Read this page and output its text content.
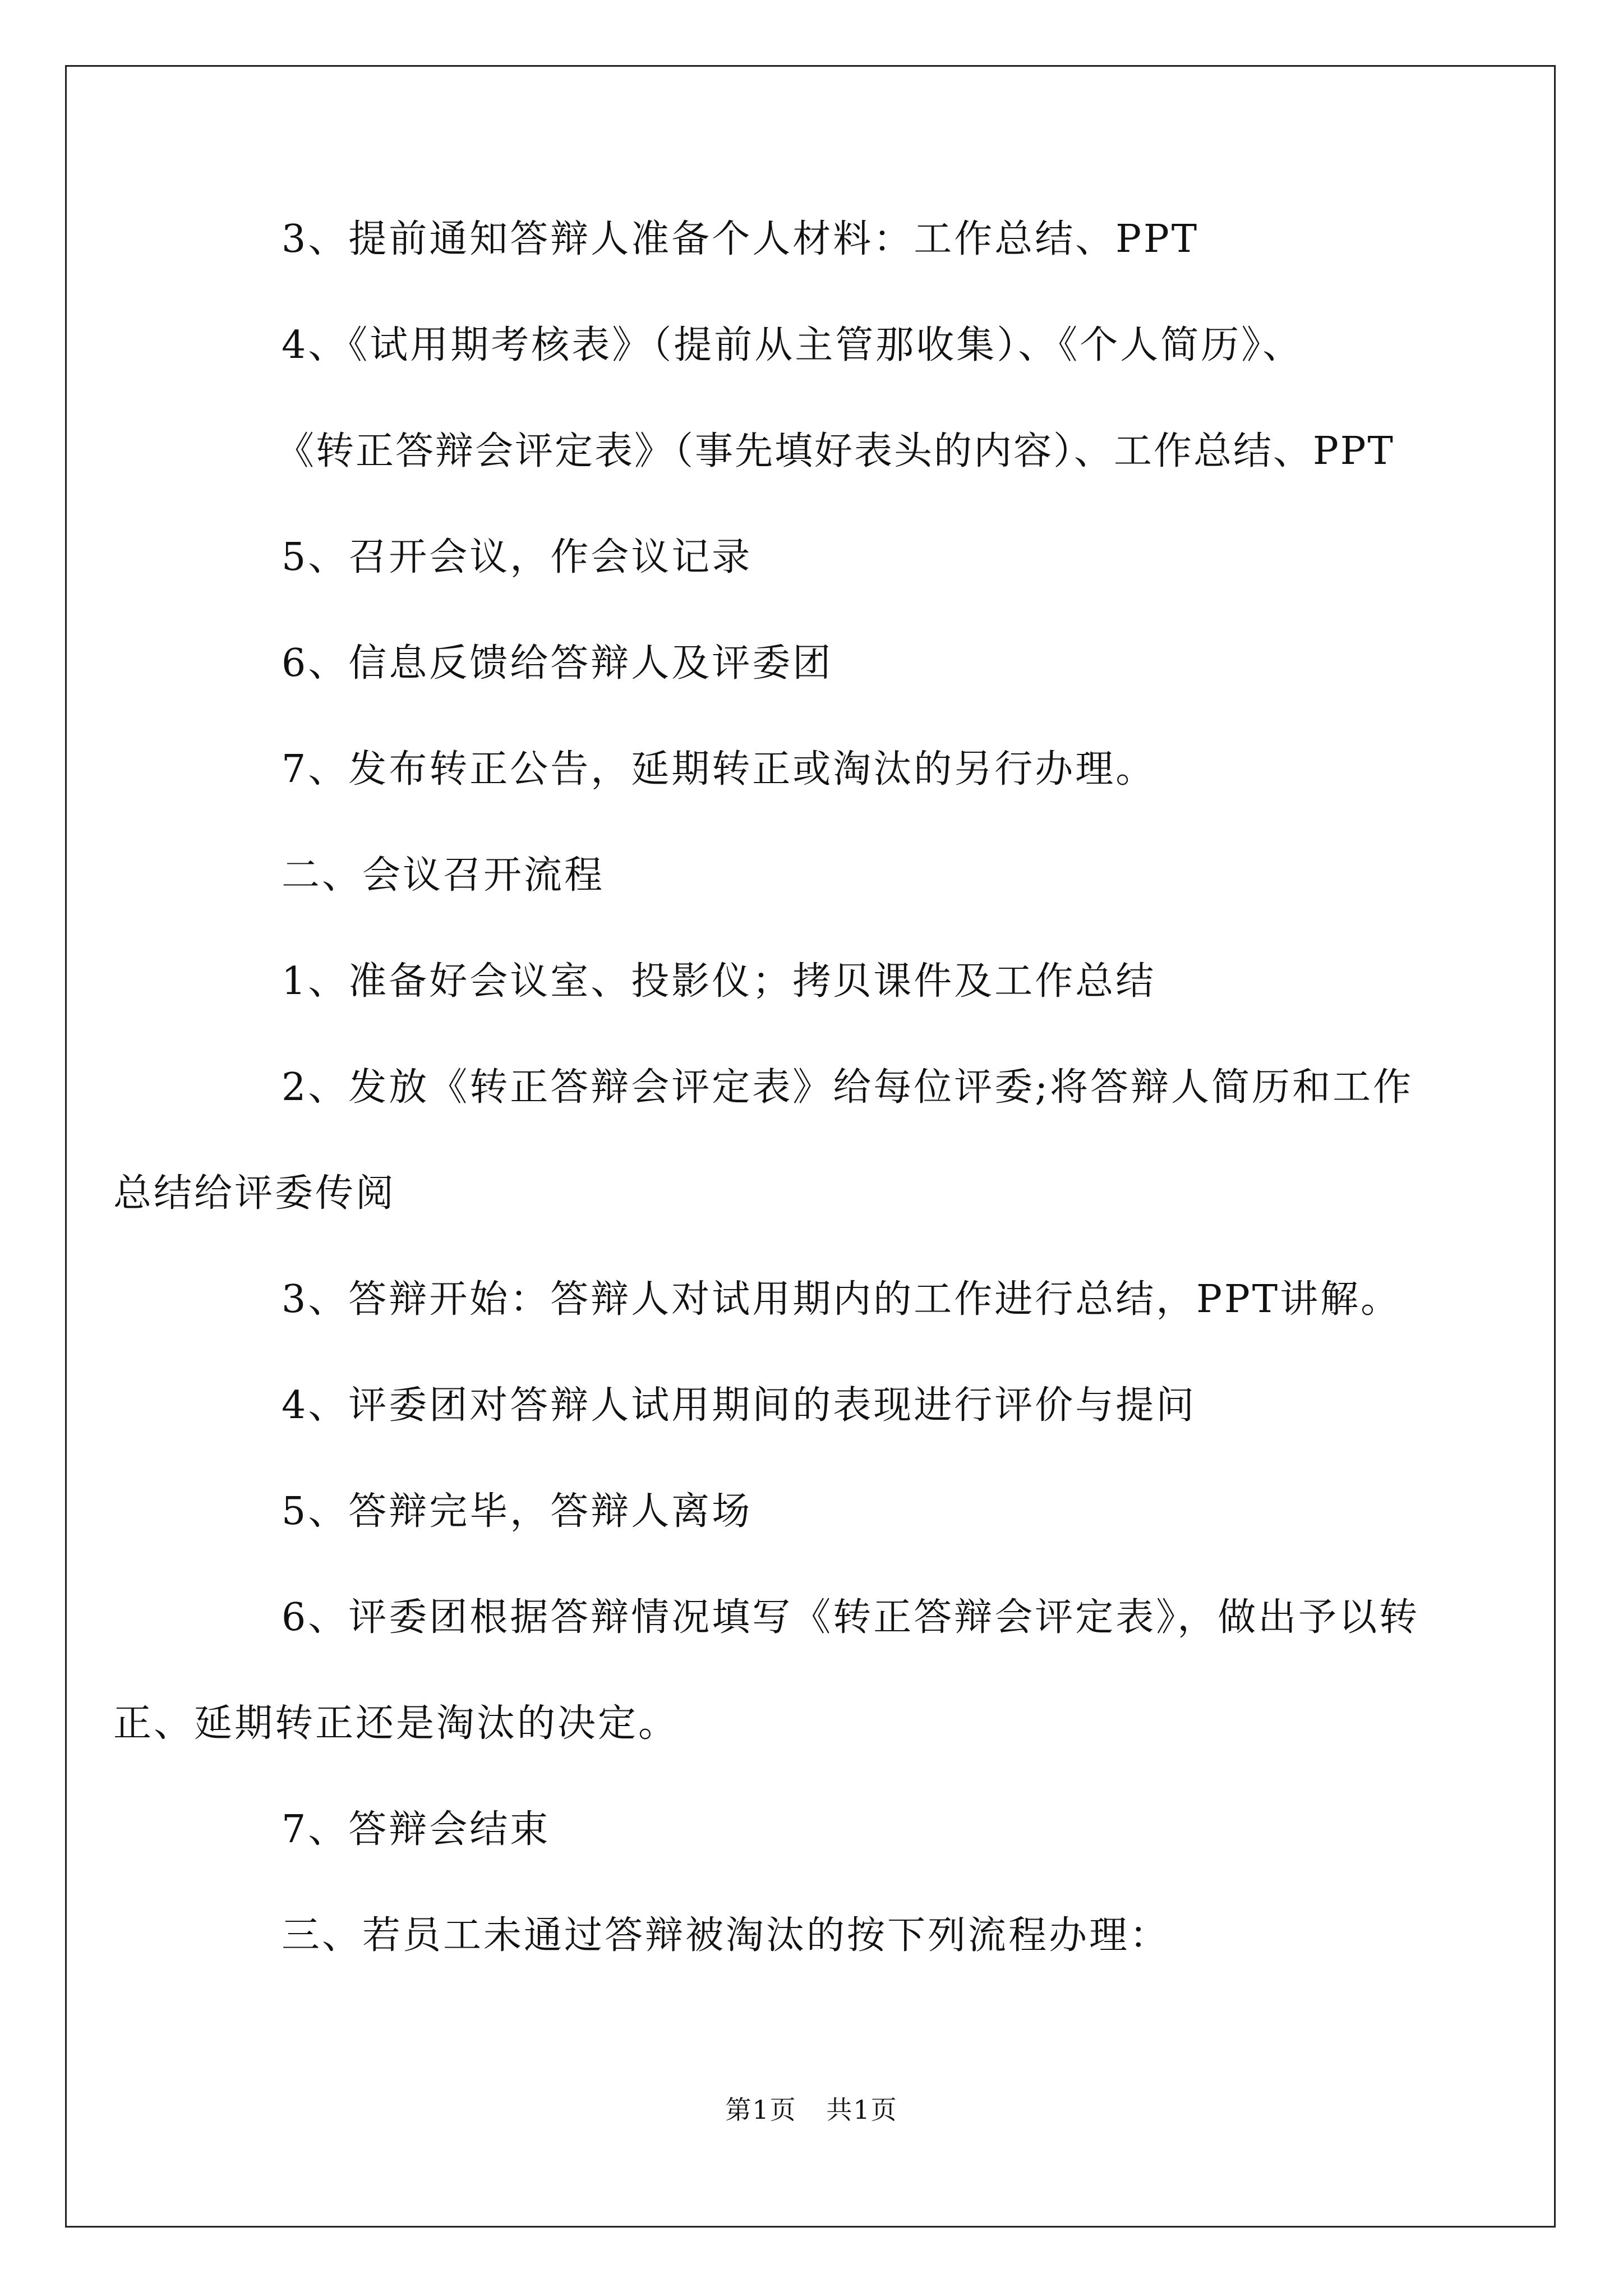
3、提前通知答辩人准备个人材料：工作总结、PPT

4、《试用期考核表》（提前从主管那收集）、《个人简历》、

《转正答辩会评定表》（事先填好表头的内容）、工作总结、PPT

5、召开会议，作会议记录

6、信息反馈给答辩人及评委团

7、发布转正公告，延期转正或淘汰的另行办理。

二、会议召开流程

1、准备好会议室、投影仪；拷贝课件及工作总结

2、发放《转正答辩会评定表》给每位评委;将答辩人简历和工作
总结给评委传阅

3、答辩开始：答辩人对试用期内的工作进行总结，PPT讲解。

4、评委团对答辩人试用期间的表现进行评价与提问

5、答辩完毕，答辩人离场

6、评委团根据答辩情况填写《转正答辩会评定表》，做出予以转
正、延期转正还是淘汰的决定。

7、答辩会结束

三、若员工未通过答辩被淘汰的按下列流程办理：

第1页 共1页
